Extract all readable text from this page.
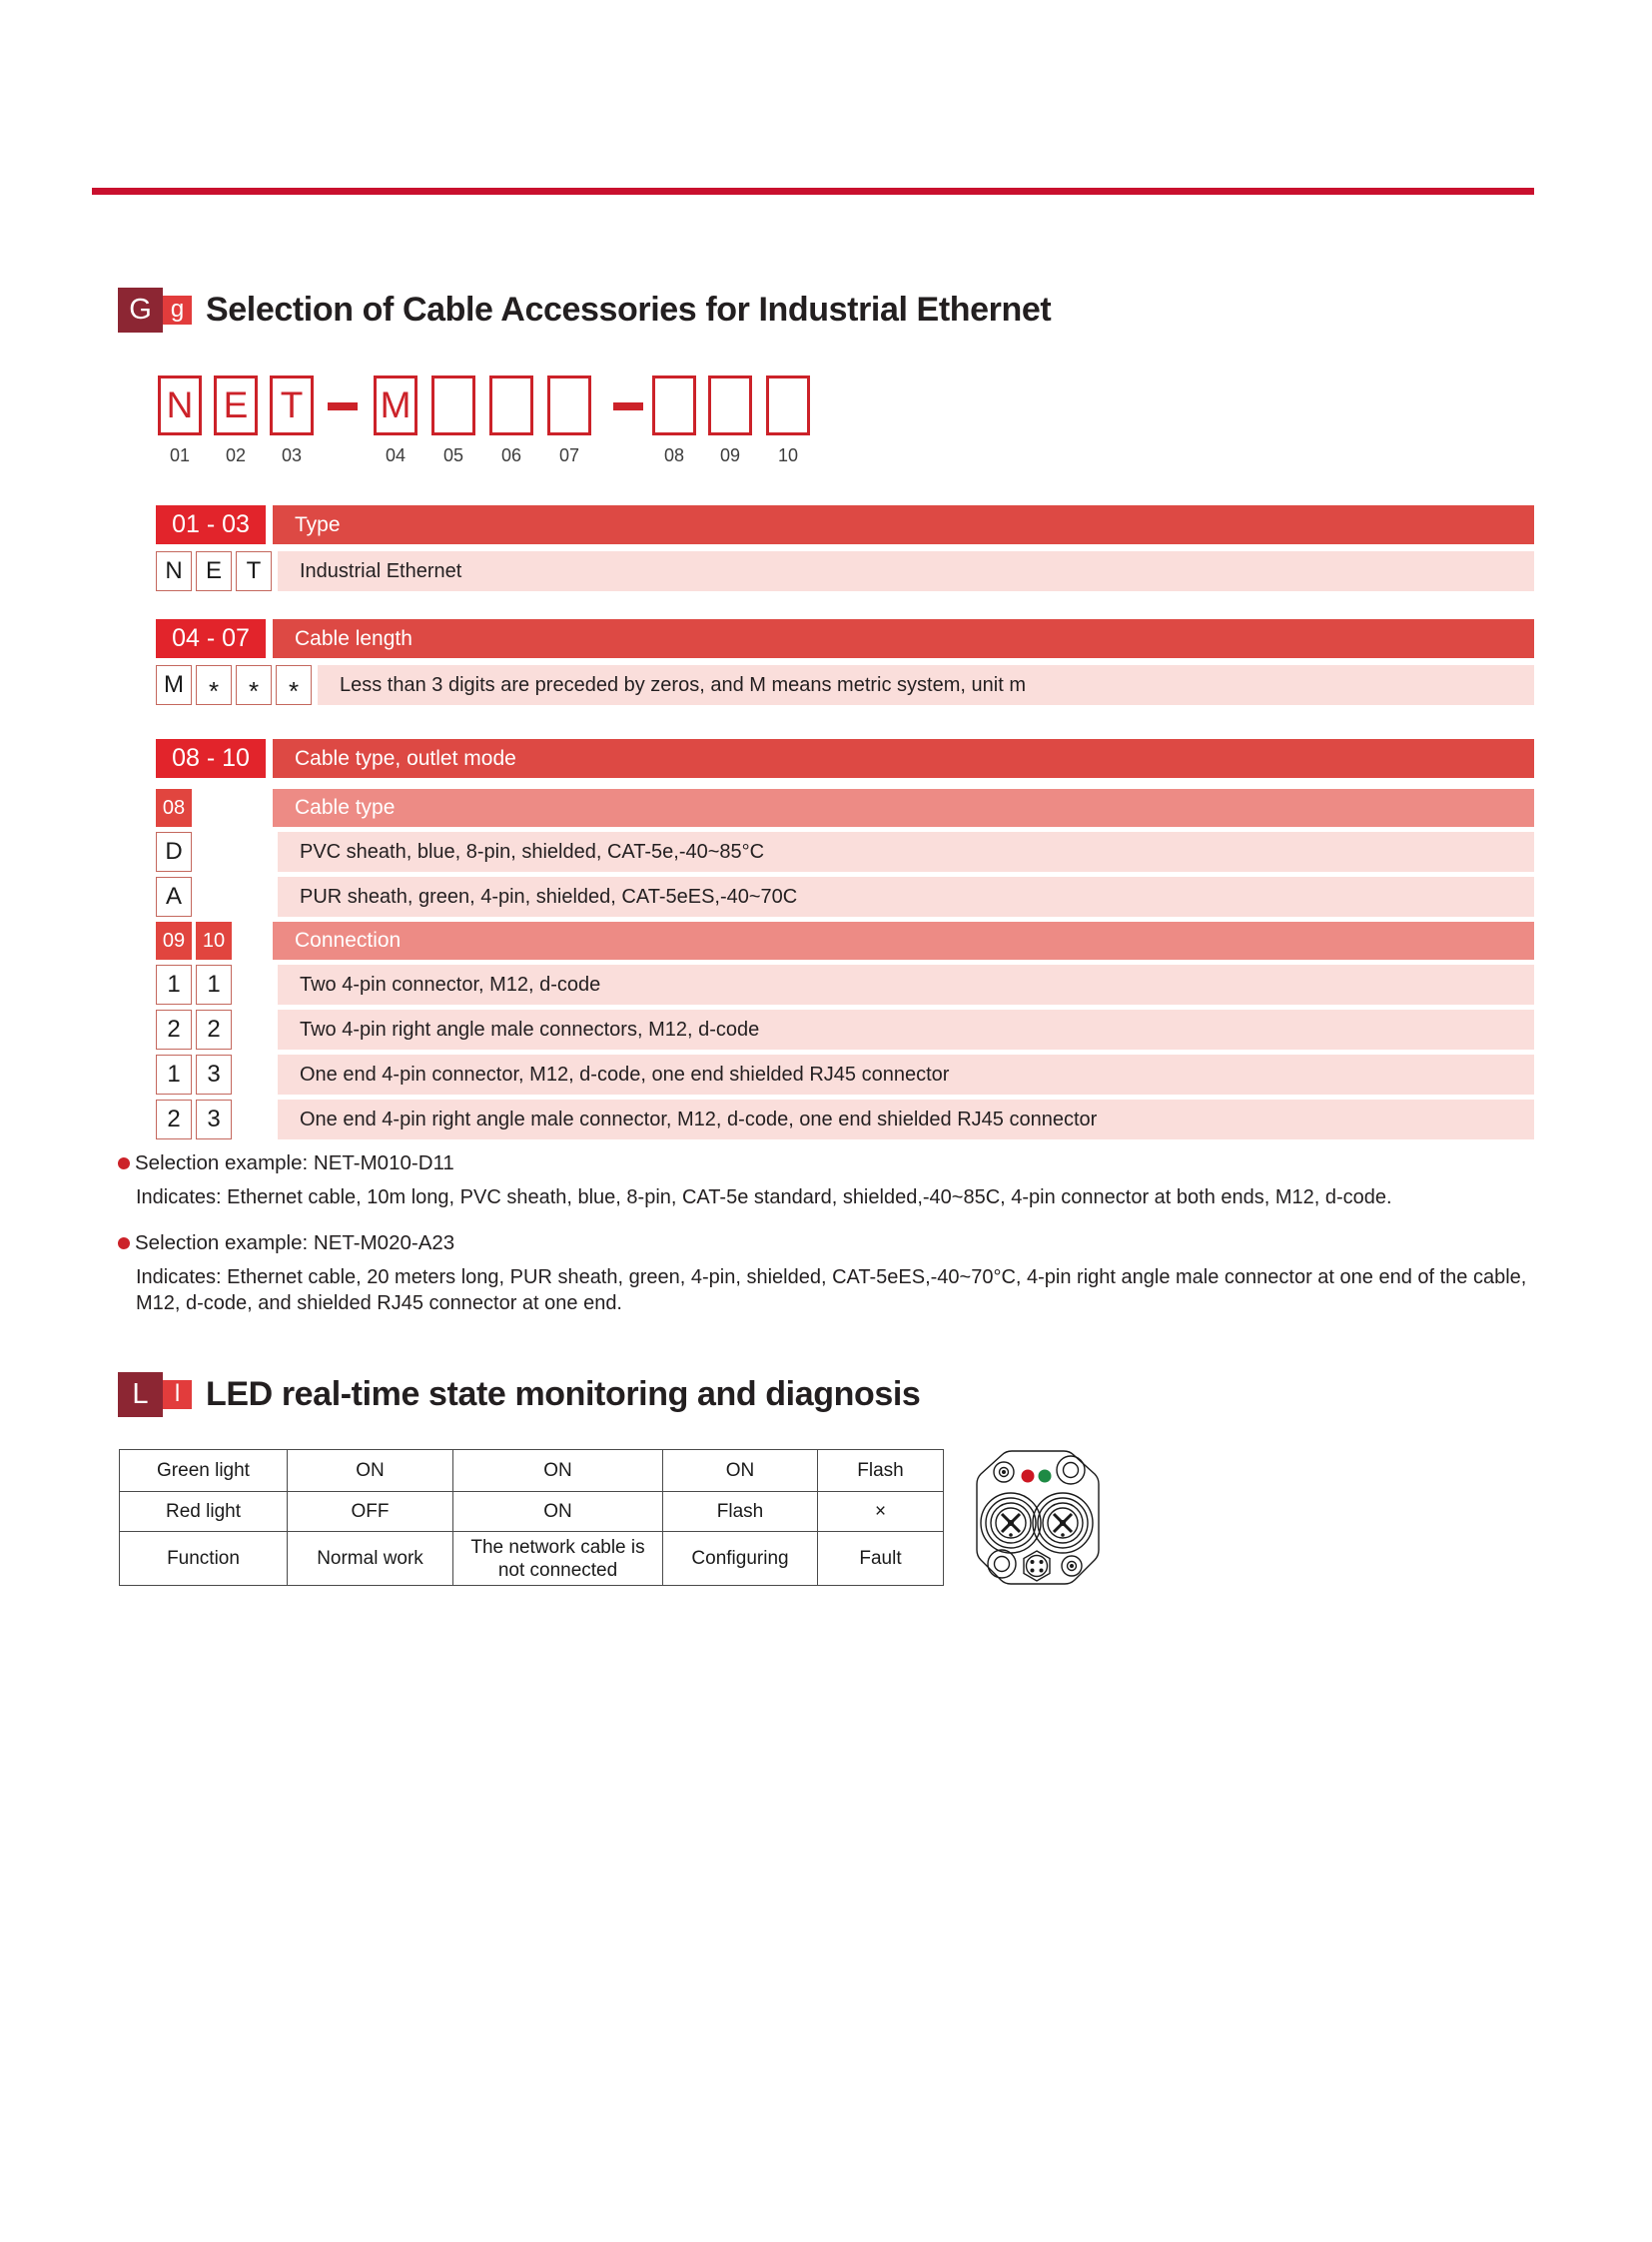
G g Selection of Cable Accessories for Industrial Ethernet
N E T M
01	02	03	04	05	06	07	08	09	10
01 - 03	Type
N E	T	Industrial Ethernet
04 - 07	Cable length
M * * *	Less than 3 digits are preceded by zeros, and M means metric system, unit m
08 - 10	Cable type, outlet mode
08	Cable type
D	PVC sheath, blue, 8-pin, shielded, CAT-5e,-40~85°C
A	PUR sheath, green, 4-pin, shielded, CAT-5eES,-40~70C
09 10	Connection
1	1	Two 4-pin connector, M12, d-code
2	2	Two 4-pin right angle male connectors, M12, d-code
1	3	One end 4-pin connector, M12, d-code, one end shielded RJ45 connector
2	3	One end 4-pin right angle male connector, M12, d-code, one end shielded RJ45 connector
Selection example: NET-M010-D11
Indicates: Ethernet cable, 10m long, PVC sheath, blue, 8-pin, CAT-5e standard, shielded,-40~85C, 4-pin connector at both ends, M12, d-code.
Selection example: NET-M020-A23
Indicates: Ethernet cable, 20 meters long, PUR sheath, green, 4-pin, shielded, CAT-5eES,-40~70°C, 4-pin right angle male connector at one end of the cable, M12, d-code, and shielded RJ45 connector at one end.
L	l LED real-time state monitoring and diagnosis
Green light	ON	ON	ON	Flash
Red light	OFF	ON	Flash	×
Function	Normal work	The network cable is not connected	Configuring	Fault
